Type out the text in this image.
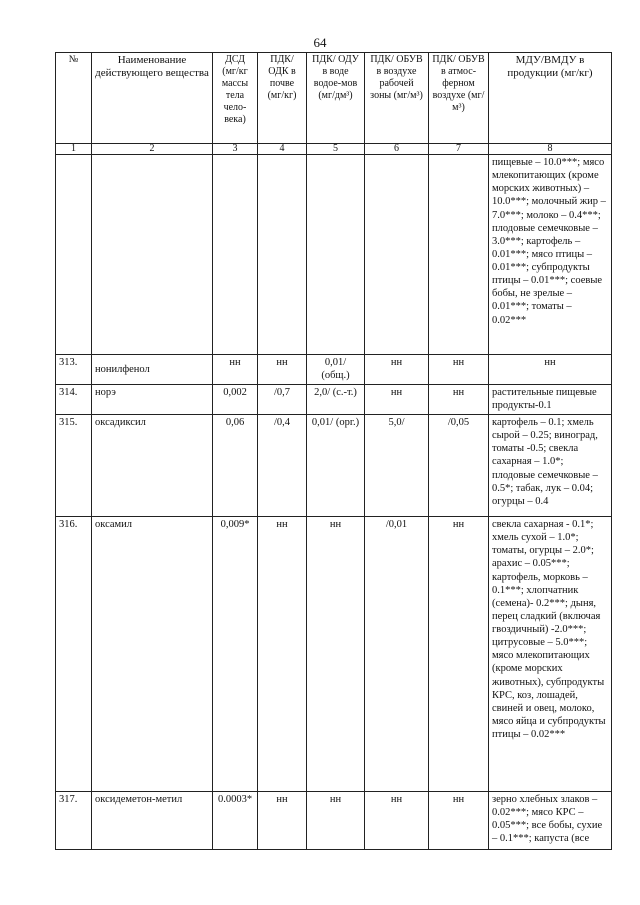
64
№	Наименование действующего вещества	ДСД (мг/кг массы тела чело-века)	ПДК/ ОДК в почве (мг/кг)	ПДК/ ОДУ в воде водое-мов (мг/дм³)	ПДК/ ОБУВ в воздухе рабочей зоны (мг/м³)	ПДК/ ОБУВ в атмос-ферном воздухе (мг/м³)	МДУ/ВМДУ в продукции (мг/кг)
1	2	3	4	5	6	7	8
							пищевые – 10.0***; мясо млекопитающих (кроме морских животных) – 10.0***; молочный жир – 7.0***; молоко – 0.4***; плодовые семечковые – 3.0***; картофель – 0.01***; мясо птицы – 0.01***; субпродукты птицы – 0.01***; соевые бобы, не зрелые – 0.01***; томаты – 0.02***
313.	нонилфенол	нн	нн	0,01/ (общ.)	нн	нн	нн
314.	норэ	0,002	/0,7	2,0/ (с.-т.)	нн	нн	растительные пищевые продукты-0.1
315.	оксадиксил	0,06	/0,4	0,01/ (орг.)	5,0/	/0,05	картофель – 0.1; хмель сырой – 0.25; виноград, томаты -0.5; свекла сахарная – 1.0*; плодовые семечковые – 0.5*; табак, лук – 0.04; огурцы – 0.4
316.	оксамил	0,009*	нн	нн	/0,01	нн	свекла сахарная - 0.1*; хмель сухой – 1.0*; томаты, огурцы – 2.0*; арахис – 0.05***; картофель, морковь – 0.1***; хлопчатник (семена)- 0.2***; дыня, перец сладкий (включая гвоздичный) -2.0***; цитрусовые – 5.0***; мясо млекопитающих (кроме морских животных), субпродукты КРС, коз, лошадей, свиней и овец, молоко, мясо яйца и субпродукты птицы – 0.02***
317.	оксидеметон-метил	0.0003*	нн	нн	нн	нн	зерно хлебных злаков – 0.02***; мясо КРС – 0.05***; все бобы, сухие – 0.1***; капуста (все
